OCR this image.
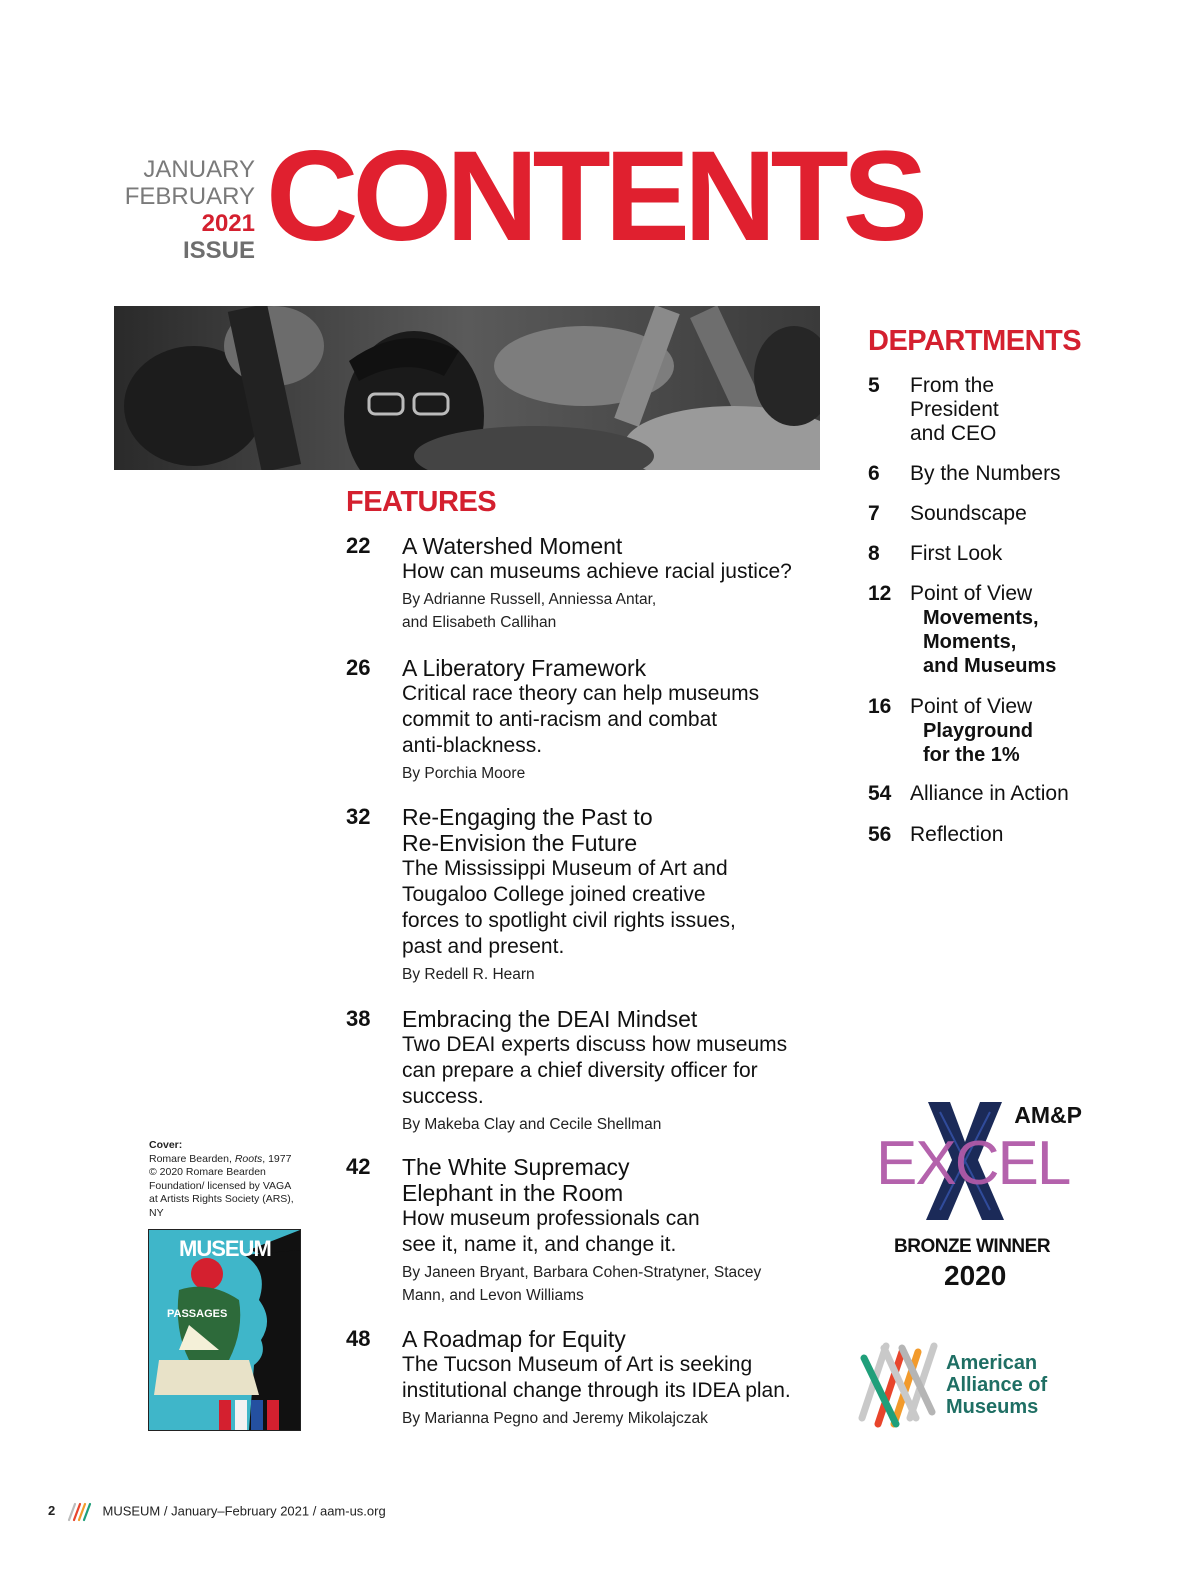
JANUARY
FEBRUARY
2021
ISSUE CONTENTS
FEATURES
22 A Watershed Moment
How can museums achieve racial justice?
By Adrianne Russell, Anniessa Antar,
and Elisabeth Callihan
26 A Liberatory Framework
Critical race theory can help museums
commit to anti-racism and combat
anti-blackness.
By Porchia Moore
32 Re-Engaging the Past to
Re-Envision the Future
The Mississippi Museum of Art and
Tougaloo College joined creative
forces to spotlight civil rights issues,
past and present.
By Redell R. Hearn
38 Embracing the DEAI Mindset
Two DEAI experts discuss how museums
can prepare a chief diversity officer for
success.
By Makeba Clay and Cecile Shellman
42 The White Supremacy
Elephant in the Room
How museum professionals can
see it, name it, and change it.
By Janeen Bryant, Barbara Cohen-Stratyner, Stacey
Mann, and Levon Williams
48 A Roadmap for Equity
The Tucson Museum of Art is seeking
institutional change through its IDEA plan.
By Marianna Pegno and Jeremy Mikolajczak
DEPARTMENTS
5 From the
President
and CEO
6 By the Numbers
7 Soundscape
8 First Look
12 Point of View
Movements,
Moments,
and Museums
16 Point of View
Playground
for the 1%
54 Alliance in Action
56 Reflection
Cover:
Romare Bearden, Roots, 1977 © 2020 Romare Bearden Foundation/ licensed by VAGA at Artists Rights Society (ARS), NY
MUSEUM
PASSAGES
AM&P
EXCEL
BRONZE WINNER
2020
American
Alliance of
Museums
2	MUSEUM / January–February 2021 / aam-us.org
